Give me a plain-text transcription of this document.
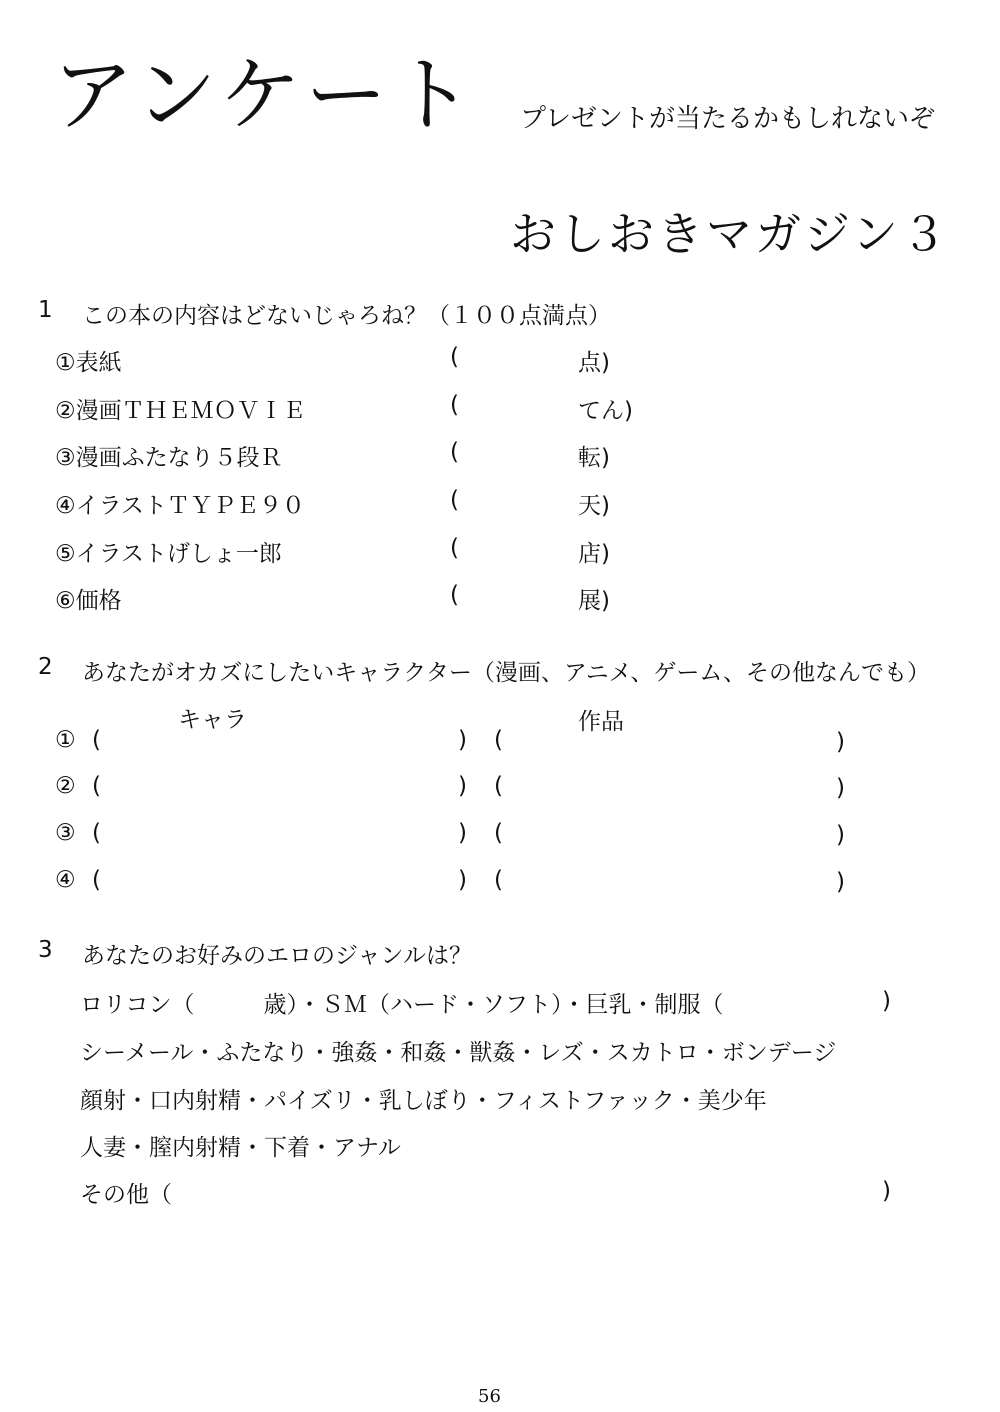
アンケート プレゼントが当たるかもしれないぞ
おしおきマガジン３
1 この本の内容はどないじゃろね？（１００点満点）
①表紙	(	点)
②漫画ＴＨＥＭＯＶＩＥ	(	てん)
③漫画ふたなり５段Ｒ	(	転)
④イラストＴＹＰＥ９０	(	天)
⑤イラストげしょ一郎	(	店)
⑥価格	(	展)
2 あなたがオカズにしたいキャラクター（漫画、アニメ、ゲーム、その他なんでも）
キャラ	作品
① (	) (	)
② (	) (	)
③ (	) (	)
④ (	) (	)
3 あなたのお好みのエロのジャンルは？
ロリコン（　　　歳）・ＳＭ（ハード・ソフト）・巨乳・制服（	)
シーメール・ふたなり・強姦・和姦・獣姦・レズ・スカトロ・ボンデージ
顔射・口内射精・パイズリ・乳しぼり・フィストファック・美少年
人妻・膣内射精・下着・アナル
その他（	)
56
